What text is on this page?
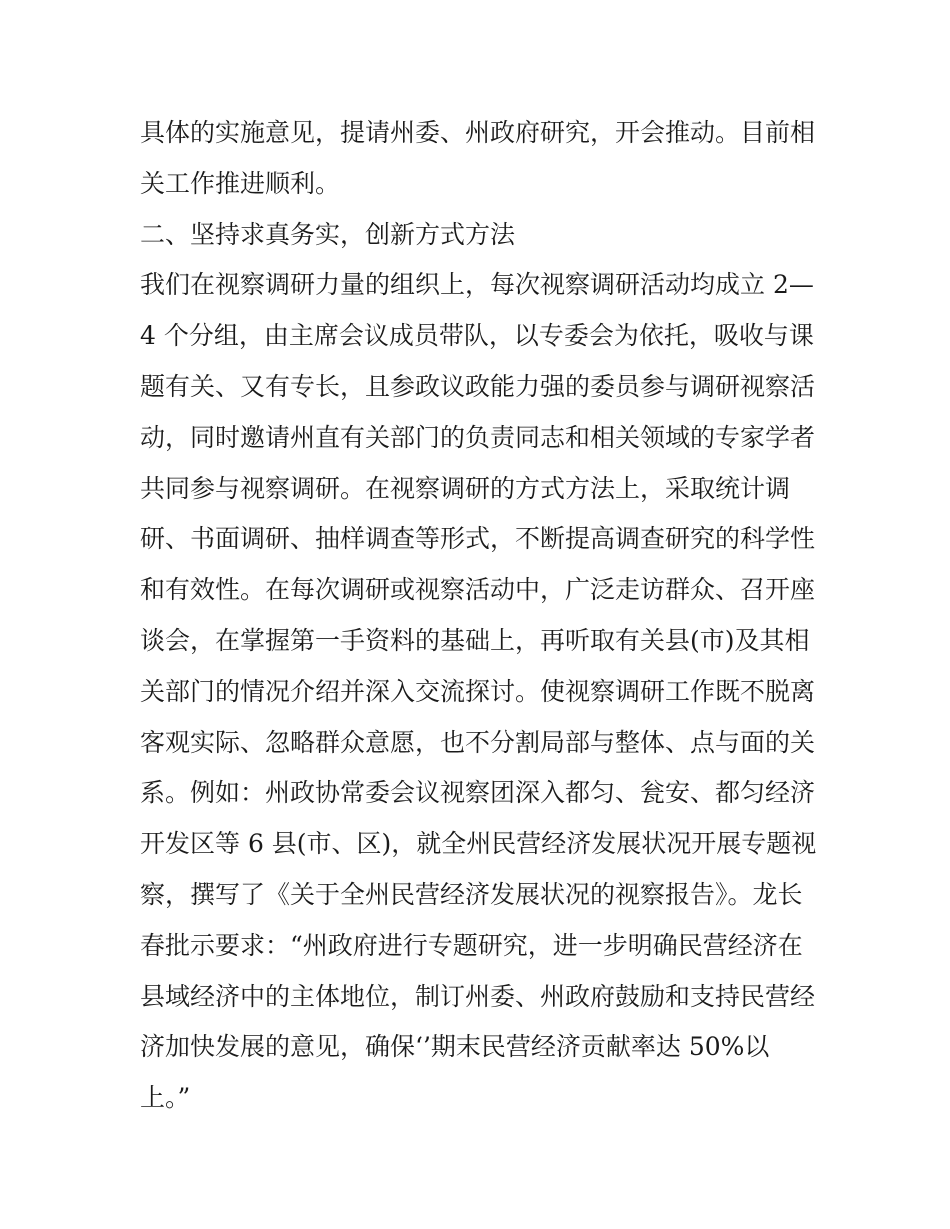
具体的实施意见，提请州委、州政府研究，开会推动。目前相
关工作推进顺利。
二、坚持求真务实，创新方式方法
我们在视察调研力量的组织上，每次视察调研活动均成立 2—
4 个分组，由主席会议成员带队，以专委会为依托，吸收与课
题有关、又有专长，且参政议政能力强的委员参与调研视察活
动，同时邀请州直有关部门的负责同志和相关领域的专家学者
共同参与视察调研。在视察调研的方式方法上，采取统计调
研、书面调研、抽样调查等形式，不断提高调查研究的科学性
和有效性。在每次调研或视察活动中，广泛走访群众、召开座
谈会，在掌握第一手资料的基础上，再听取有关县(市)及其相
关部门的情况介绍并深入交流探讨。使视察调研工作既不脱离
客观实际、忽略群众意愿，也不分割局部与整体、点与面的关
系。例如：州政协常委会议视察团深入都匀、瓮安、都匀经济
开发区等 6 县(市、区)，就全州民营经济发展状况开展专题视
察，撰写了《关于全州民营经济发展状况的视察报告》。龙长
春批示要求：“州政府进行专题研究，进一步明确民营经济在
县域经济中的主体地位，制订州委、州政府鼓励和支持民营经
济加快发展的意见，确保‘’期末民营经济贡献率达 50%以
上。”
